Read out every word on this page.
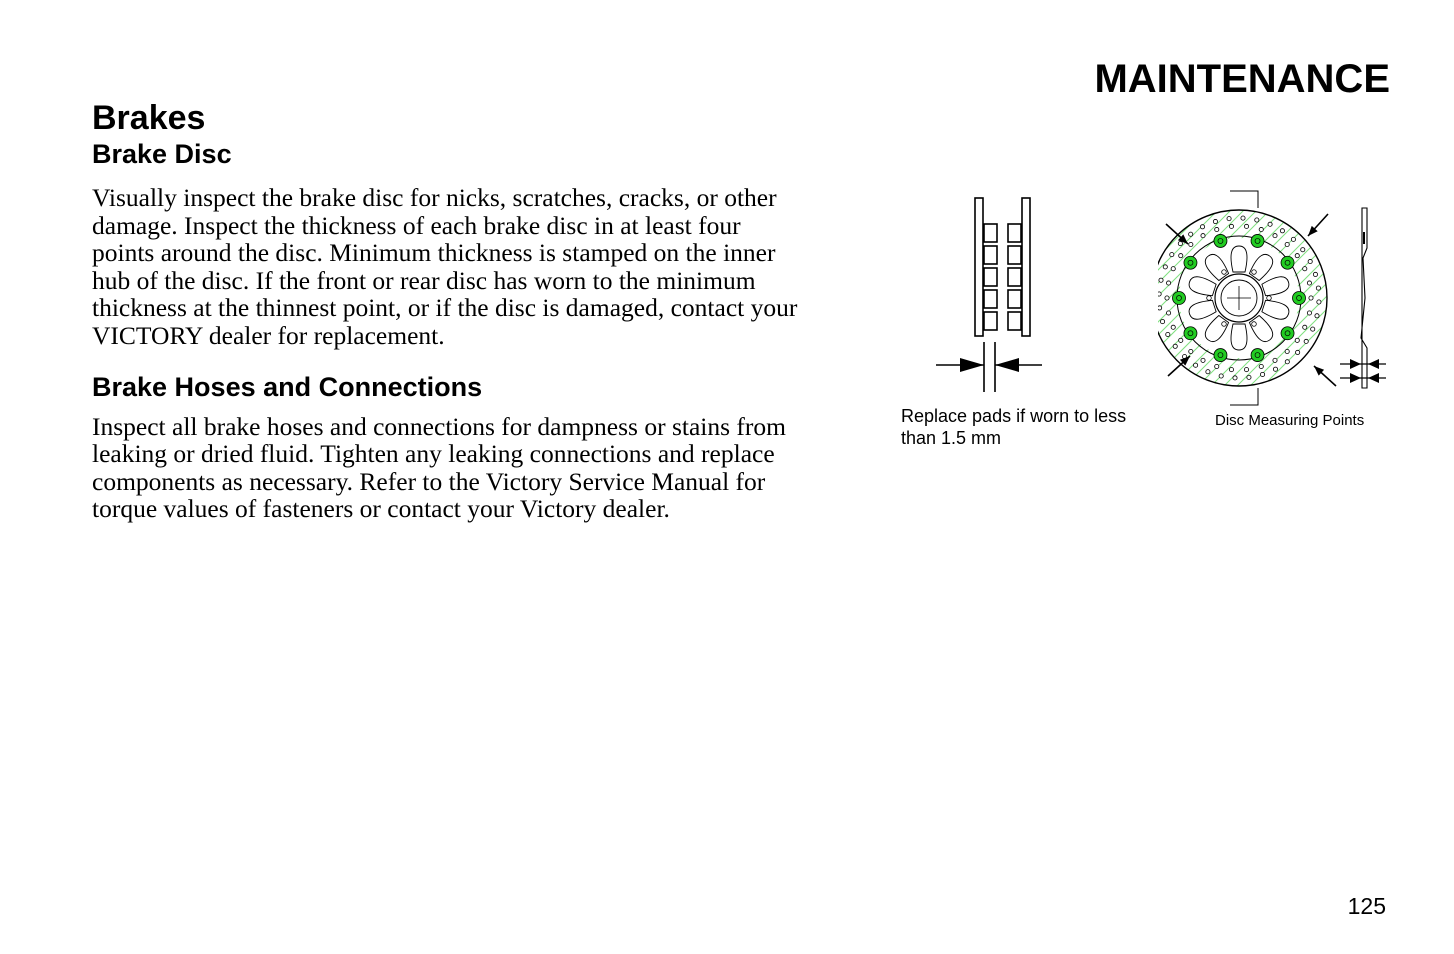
MAINTENANCE
Brakes
Brake Disc

Visually inspect the brake disc for nicks, scratches, cracks, or other damage. Inspect the thickness of each brake disc in at least four points around the disc. Minimum thickness is stamped on the inner hub of the disc. If the front or rear disc has worn to the minimum thickness at the thinnest point, or if the disc is damaged, contact your VICTORY dealer for replacement.

Brake Hoses and Connections

Inspect all brake hoses and connections for dampness or stains from leaking or dried fluid. Tighten any leaking connections and replace components as necessary. Refer to the Victory Service Manual for torque values of fasteners or contact your Victory dealer.

Replace pads if worn to less than 1.5 mm
Disc Measuring Points
125
